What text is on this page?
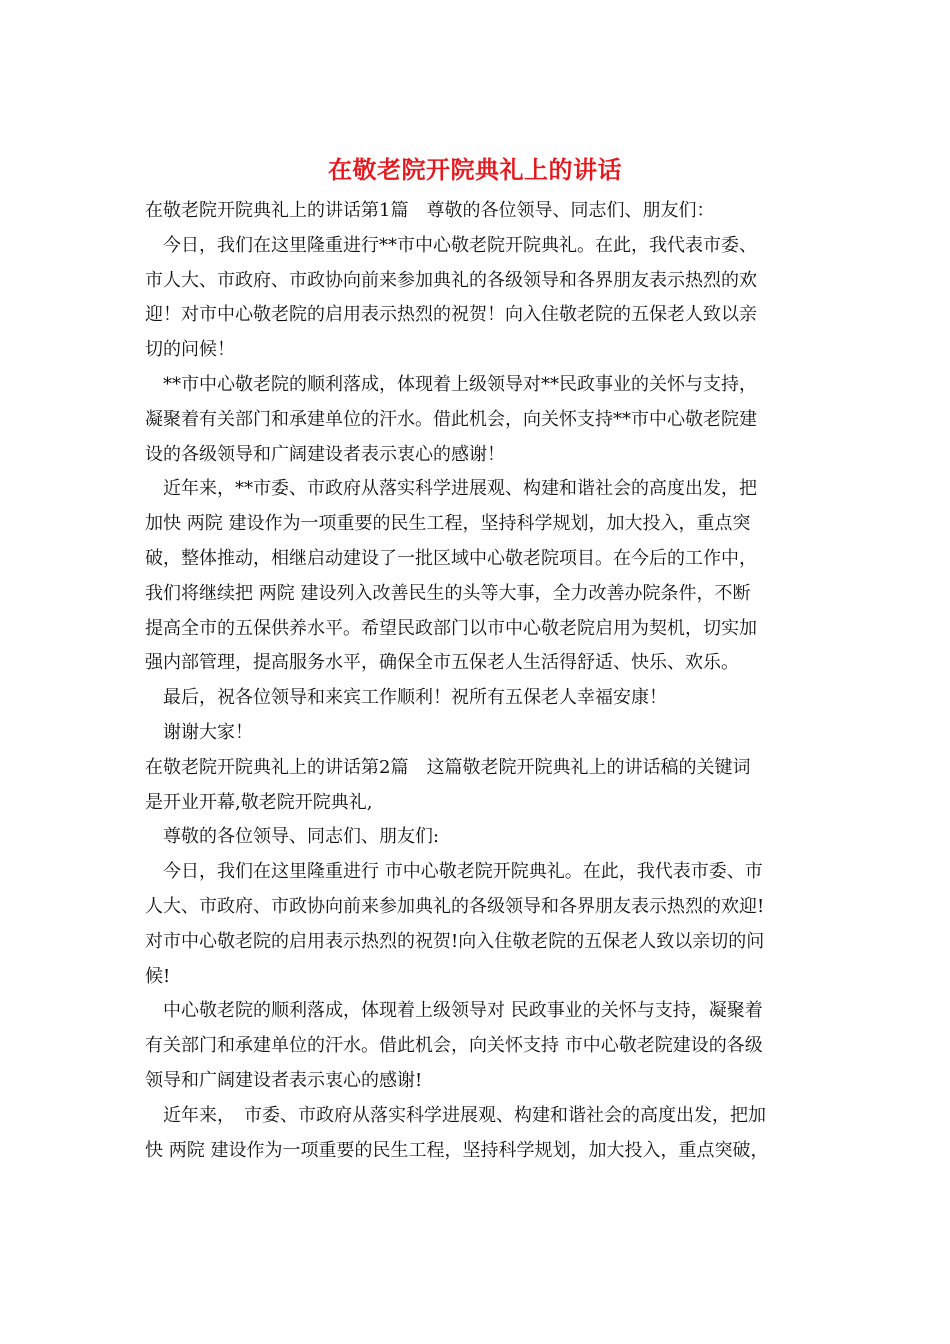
在敬老院开院典礼上的讲话
在敬老院开院典礼上的讲话第1篇　尊敬的各位领导、同志们、朋友们：
　今日，我们在这里隆重进行**市中心敬老院开院典礼。在此，我代表市委、
市人大、市政府、市政协向前来参加典礼的各级领导和各界朋友表示热烈的欢
迎！对市中心敬老院的启用表示热烈的祝贺！向入住敬老院的五保老人致以亲
切的问候！
　**市中心敬老院的顺利落成，体现着上级领导对**民政事业的关怀与支持，
凝聚着有关部门和承建单位的汗水。借此机会，向关怀支持**市中心敬老院建
设的各级领导和广阔建设者表示衷心的感谢！
　近年来，**市委、市政府从落实科学进展观、构建和谐社会的高度出发，把
加快 两院 建设作为一项重要的民生工程，坚持科学规划，加大投入，重点突
破，整体推动，相继启动建设了一批区域中心敬老院项目。在今后的工作中，
我们将继续把 两院 建设列入改善民生的头等大事，全力改善办院条件，不断
提高全市的五保供养水平。希望民政部门以市中心敬老院启用为契机，切实加
强内部管理，提高服务水平，确保全市五保老人生活得舒适、快乐、欢乐。
　最后，祝各位领导和来宾工作顺利！祝所有五保老人幸福安康！
　谢谢大家！
在敬老院开院典礼上的讲话第2篇　这篇敬老院开院典礼上的讲话稿的关键词
是开业开幕,敬老院开院典礼,
　尊敬的各位领导、同志们、朋友们:
　今日，我们在这里隆重进行 市中心敬老院开院典礼。在此，我代表市委、市
人大、市政府、市政协向前来参加典礼的各级领导和各界朋友表示热烈的欢迎!
对市中心敬老院的启用表示热烈的祝贺!向入住敬老院的五保老人致以亲切的问
候!
　中心敬老院的顺利落成，体现着上级领导对 民政事业的关怀与支持，凝聚着
有关部门和承建单位的汗水。借此机会，向关怀支持 市中心敬老院建设的各级
领导和广阔建设者表示衷心的感谢!
　近年来，　市委、市政府从落实科学进展观、构建和谐社会的高度出发，把加
快 两院 建设作为一项重要的民生工程，坚持科学规划，加大投入，重点突破，
